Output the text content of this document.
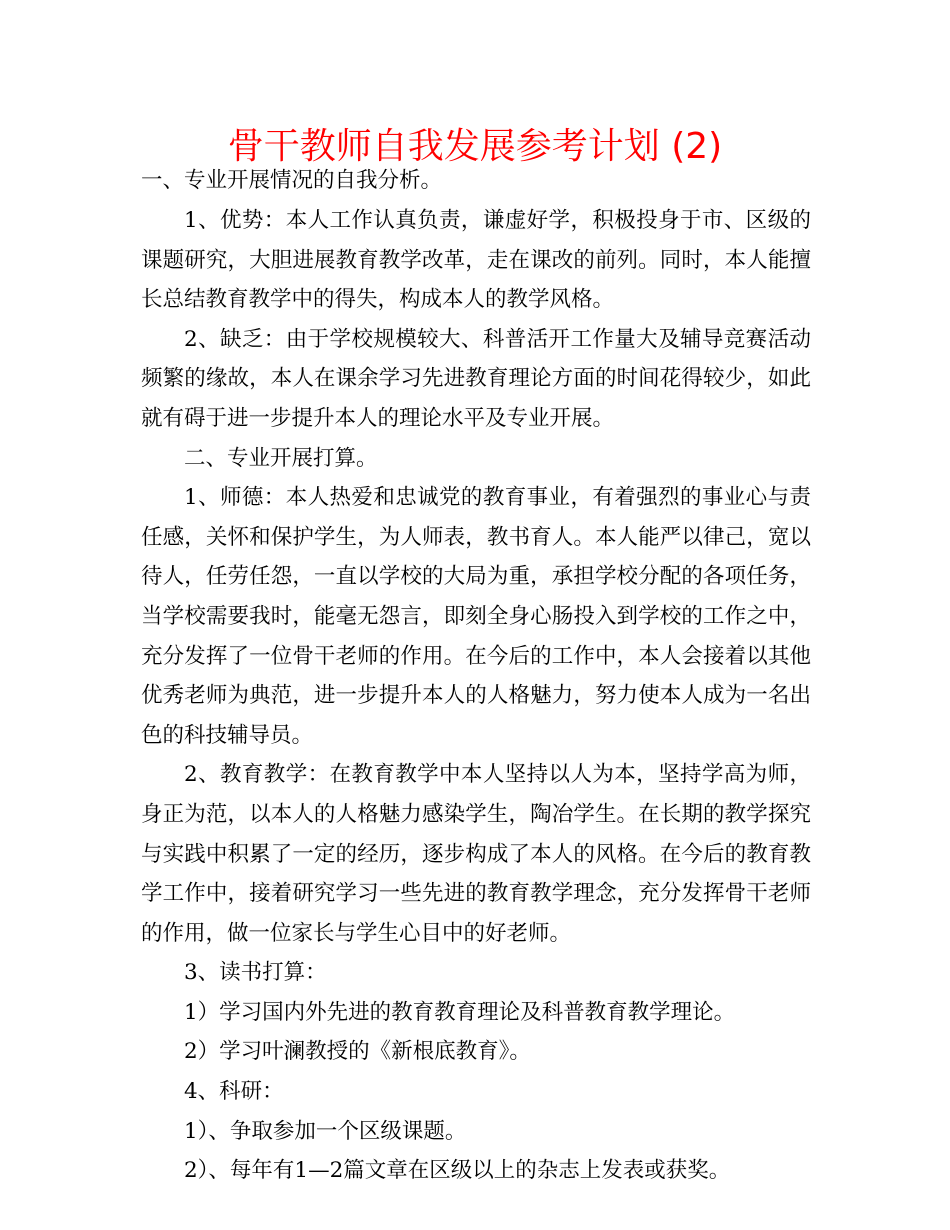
骨干教师自我发展参考计划 (2)

一、专业开展情况的自我分析。

1、优势：本人工作认真负责，谦虚好学，积极投身于市、区级的课题研究，大胆进展教育教学改革，走在课改的前列。同时，本人能擅长总结教育教学中的得失，构成本人的教学风格。

2、缺乏：由于学校规模较大、科普活开工作量大及辅导竞赛活动频繁的缘故，本人在课余学习先进教育理论方面的时间花得较少，如此就有碍于进一步提升本人的理论水平及专业开展。

二、专业开展打算。

1、师德：本人热爱和忠诚党的教育事业，有着强烈的事业心与责任感，关怀和保护学生，为人师表，教书育人。本人能严以律己，宽以待人，任劳任怨，一直以学校的大局为重，承担学校分配的各项任务，当学校需要我时，能毫无怨言，即刻全身心肠投入到学校的工作之中，充分发挥了一位骨干老师的作用。在今后的工作中，本人会接着以其他优秀老师为典范，进一步提升本人的人格魅力，努力使本人成为一名出色的科技辅导员。

2、教育教学：在教育教学中本人坚持以人为本，坚持学高为师，身正为范，以本人的人格魅力感染学生，陶冶学生。在长期的教学探究与实践中积累了一定的经历，逐步构成了本人的风格。在今后的教育教学工作中，接着研究学习一些先进的教育教学理念，充分发挥骨干老师的作用，做一位家长与学生心目中的好老师。

3、读书打算：

1）学习国内外先进的教育教育理论及科普教育教学理论。

2）学习叶澜教授的《新根底教育》。

4、科研：

1）、争取参加一个区级课题。

2）、每年有1—2篇文章在区级以上的杂志上发表或获奖。
